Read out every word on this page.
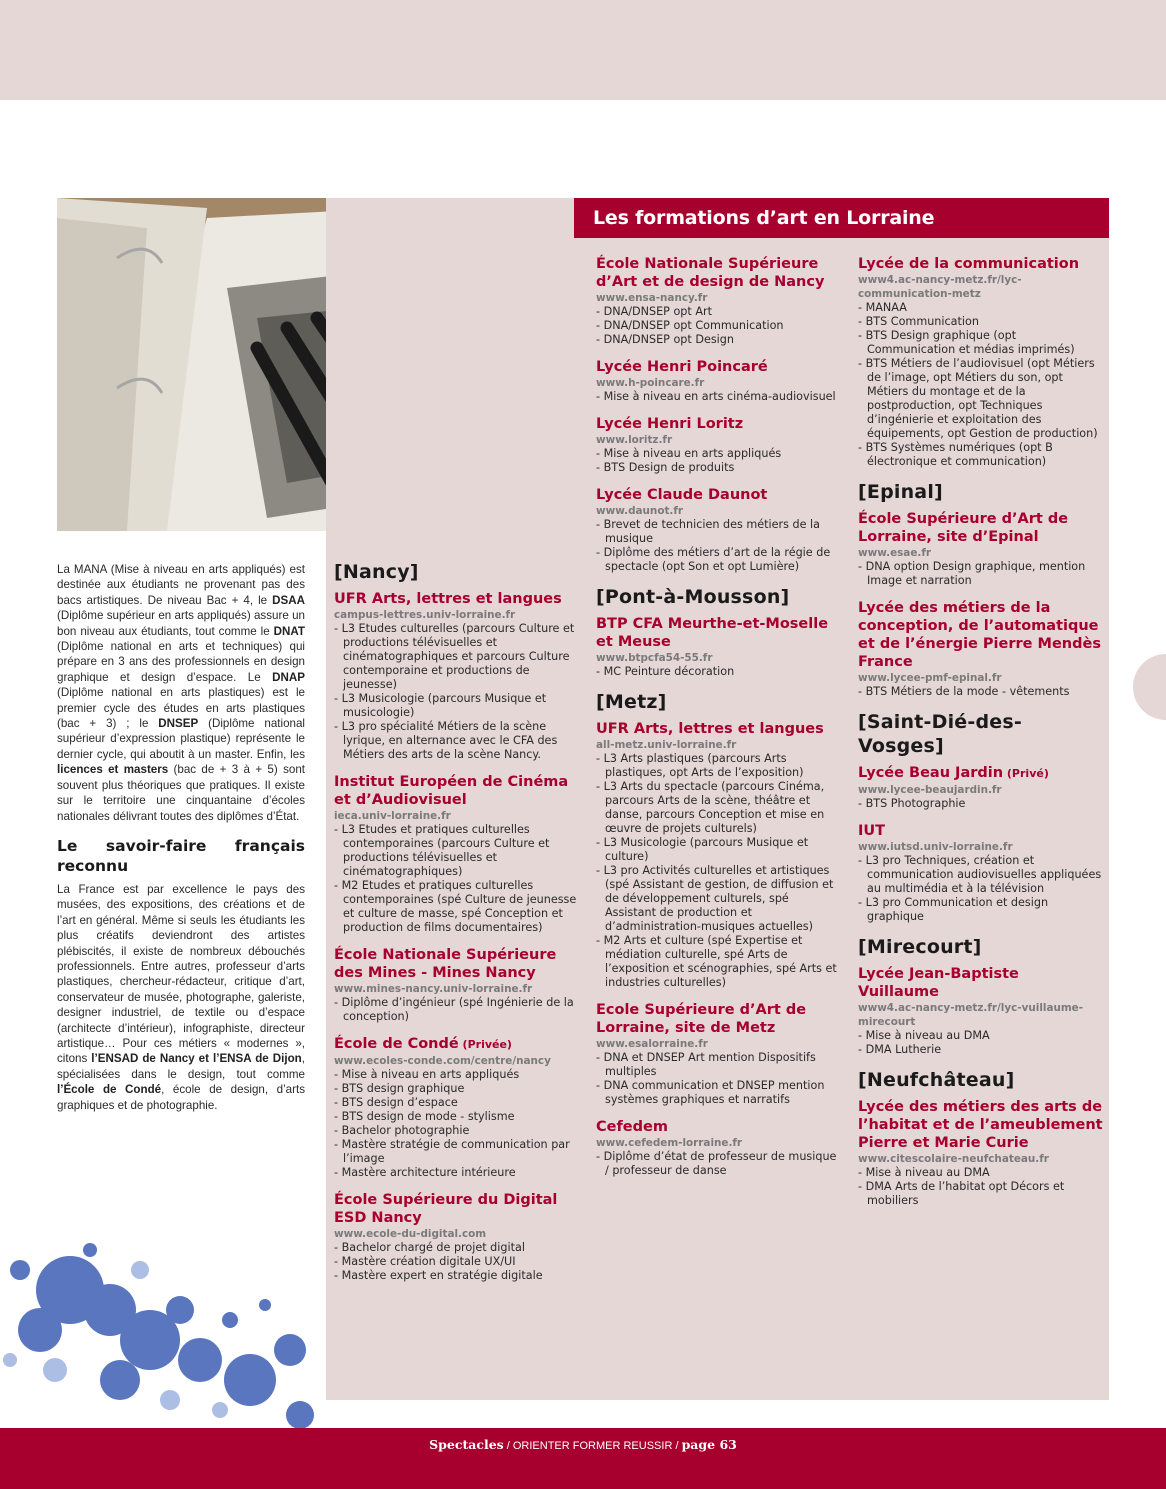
Les formations d’art en Lorraine

La MANA (Mise à niveau en arts appliqués) est destinée aux étudiants ne provenant pas des bacs artistiques. De niveau Bac + 4, le DSAA (Diplôme supérieur en arts appliqués) assure un bon niveau aux étudiants, tout comme le DNAT (Diplôme national en arts et techniques) qui prépare en 3 ans des professionnels en design graphique et design d’espace. Le DNAP (Diplôme national en arts plastiques) est le premier cycle des études en arts plastiques (bac + 3) ; le DNSEP (Diplôme national supérieur d’expression plastique) représente le dernier cycle, qui aboutit à un master. Enfin, les licences et masters (bac de + 3 à + 5) sont souvent plus théoriques que pratiques. Il existe sur le territoire une cinquantaine d’écoles nationales délivrant toutes des diplômes d’État.

Le savoir-faire français reconnu

La France est par excellence le pays des musées, des expositions, des créations et de l’art en général. Même si seuls les étudiants les plus créatifs deviendront des artistes plébiscités, il existe de nombreux débouchés professionnels. Entre autres, professeur d’arts plastiques, chercheur-rédacteur, critique d’art, conservateur de musée, photographe, galeriste, designer industriel, de textile ou d’espace (architecte d’intérieur), infographiste, directeur artistique… Pour ces métiers « modernes », citons l’ENSAD de Nancy et l’ENSA de Dijon, spécialisées dans le design, tout comme l’École de Condé, école de design, d’arts graphiques et de photographie.

[Nancy]
UFR Arts, lettres et langues
campus-lettres.univ-lorraine.fr
- L3 Etudes culturelles (parcours Culture et productions télévisuelles et cinématographiques et parcours Culture contemporaine et productions de jeunesse)
- L3 Musicologie (parcours Musique et musicologie)
- L3 pro spécialité Métiers de la scène lyrique, en alternance avec le CFA des Métiers des arts de la scène Nancy.
Institut Européen de Cinéma et d’Audiovisuel
ieca.univ-lorraine.fr
- L3 Etudes et pratiques culturelles contemporaines (parcours Culture et productions télévisuelles et cinématographiques)
- M2 Etudes et pratiques culturelles contemporaines (spé Culture de jeunesse et culture de masse, spé Conception et production de films documentaires)
École Nationale Supérieure des Mines - Mines Nancy
www.mines-nancy.univ-lorraine.fr
- Diplôme d’ingénieur (spé Ingénierie de la conception)
École de Condé (Privée)
www.ecoles-conde.com/centre/nancy
- Mise à niveau en arts appliqués
- BTS design graphique
- BTS design d’espace
- BTS design de mode - stylisme
- Bachelor photographie
- Mastère stratégie de communication par l’image
- Mastère architecture intérieure
École Supérieure du Digital ESD Nancy
www.ecole-du-digital.com
- Bachelor chargé de projet digital
- Mastère création digitale UX/UI
- Mastère expert en stratégie digitale
École Nationale Supérieure d’Art et de design de Nancy
www.ensa-nancy.fr
- DNA/DNSEP opt Art
- DNA/DNSEP opt Communication
- DNA/DNSEP opt Design
Lycée Henri Poincaré
www.h-poincare.fr
- Mise à niveau en arts cinéma-audiovisuel
Lycée Henri Loritz
www.loritz.fr
- Mise à niveau en arts appliqués
- BTS Design de produits
Lycée Claude Daunot
www.daunot.fr
- Brevet de technicien des métiers de la musique
- Diplôme des métiers d’art de la régie de spectacle (opt Son et opt Lumière)
[Pont-à-Mousson]
BTP CFA Meurthe-et-Moselle et Meuse
www.btpcfa54-55.fr
- MC Peinture décoration
[Metz]
UFR Arts, lettres et langues
all-metz.univ-lorraine.fr
- L3 Arts plastiques (parcours Arts plastiques, opt Arts de l’exposition)
- L3 Arts du spectacle (parcours Cinéma, parcours Arts de la scène, théâtre et danse, parcours Conception et mise en œuvre de projets culturels)
- L3 Musicologie (parcours Musique et culture)
- L3 pro Activités culturelles et artistiques (spé Assistant de gestion, de diffusion et de développement culturels, spé Assistant de production et d’administration-musiques actuelles)
- M2 Arts et culture (spé Expertise et médiation culturelle, spé Arts de l’exposition et scénographies, spé Arts et industries culturelles)
Ecole Supérieure d’Art de Lorraine, site de Metz
www.esalorraine.fr
- DNA et DNSEP Art mention Dispositifs multiples
- DNA communication et DNSEP mention systèmes graphiques et narratifs
Cefedem
www.cefedem-lorraine.fr
- Diplôme d’état de professeur de musique / professeur de danse
Lycée de la communication
www4.ac-nancy-metz.fr/lyc-communication-metz
- MANAA
- BTS Communication
- BTS Design graphique (opt Communication et médias imprimés)
- BTS Métiers de l’audiovisuel (opt Métiers de l’image, opt Métiers du son, opt Métiers du montage et de la postproduction, opt Techniques d’ingénierie et exploitation des équipements, opt Gestion de production)
- BTS Systèmes numériques (opt B électronique et communication)
[Epinal]
École Supérieure d’Art de Lorraine, site d’Epinal
www.esae.fr
- DNA option Design graphique, mention Image et narration
Lycée des métiers de la conception, de l’automatique et de l’énergie Pierre Mendès France
www.lycee-pmf-epinal.fr
- BTS Métiers de la mode - vêtements
[Saint-Dié-des-Vosges]
Lycée Beau Jardin (Privé)
www.lycee-beaujardin.fr
- BTS Photographie
IUT
www.iutsd.univ-lorraine.fr
- L3 pro Techniques, création et communication audiovisuelles appliquées au multimédia et à la télévision
- L3 pro Communication et design graphique
[Mirecourt]
Lycée Jean-Baptiste Vuillaume
www4.ac-nancy-metz.fr/lyc-vuillaume-mirecourt
- Mise à niveau au DMA
- DMA Lutherie
[Neufchâteau]
Lycée des métiers des arts de l’habitat et de l’ameublement Pierre et Marie Curie
www.citescolaire-neufchateau.fr
- Mise à niveau au DMA
- DMA Arts de l’habitat opt Décors et mobiliers
Spectacles / ORIENTER FORMER REUSSIR / page 63
